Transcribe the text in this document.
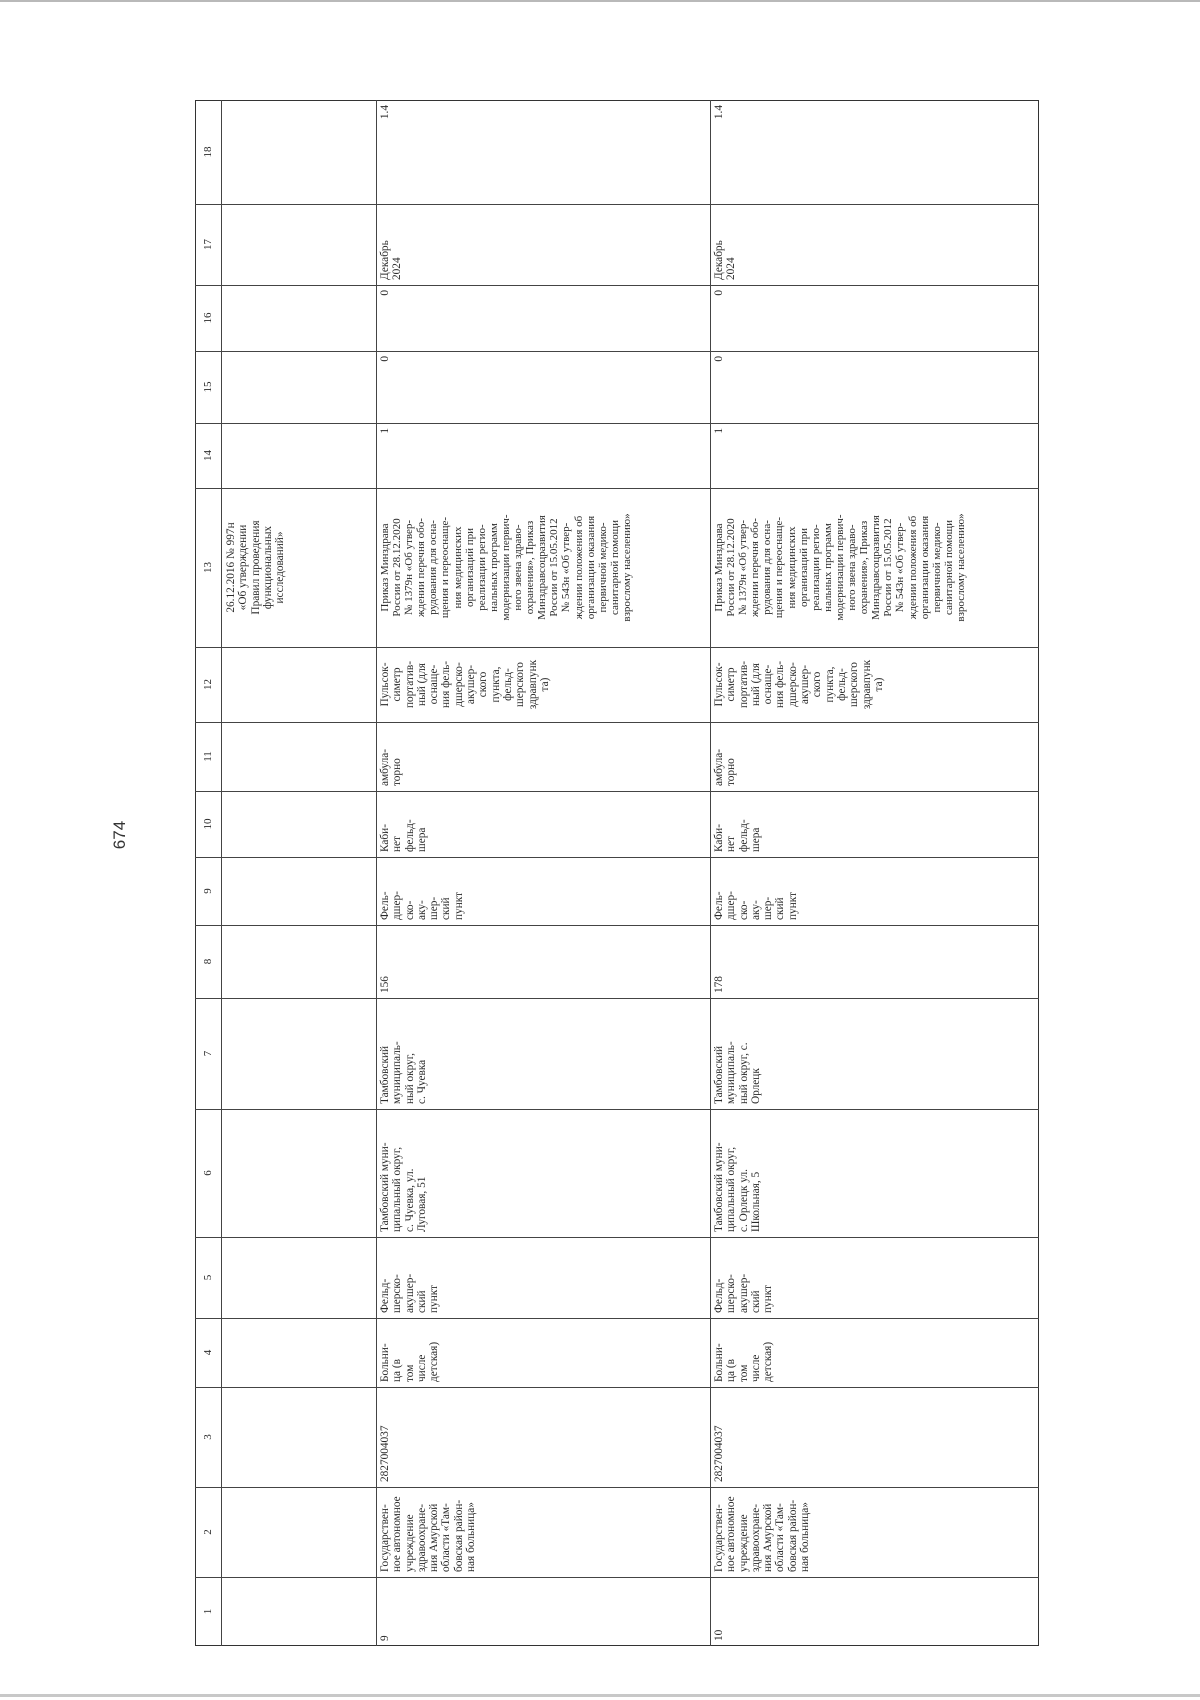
674
1
2
3
4
5
6
7
8
9
10
11
12
13
14
15
16
17
18
26.12.2016 № 997н
«Об утверждении
Правил проведения
функциональных
исследований»
9
Государствен-
ное автономное
учреждение
здравоохране-
ния Амурской
области «Там-
бовская район-
ная больница»
2827004037
Больни-
ца (в
том
числе
детская)
Фельд-
шерско-
акушер-
ский
пункт
Тамбовский муни-
ципальный округ,
с. Чуевка, ул.
Луговая, 51
Тамбовский
муниципаль-
ный округ,
с. Чуевка
156
Фель-
дшер-
ско-
аку-
шер-
ский
пункт
Каби-
нет
фельд-
шера
амбула-
торно
Пульсок-
симетр
портатив-
ный (для
оснаще-
ния фель-
дшерско-
акушер-
ского
пункта,
фельд-
шерского
здравпунк
та)
Приказ Минздрава
России от 28.12.2020
№ 1379н «Об утвер-
ждении перечня обо-
рудования для осна-
щения и переоснаще-
ния медицинских
организаций при
реализации регио-
нальных программ
модернизации первич-
ного звена здраво-
охранения», Приказ
Минздравсоцразвития
России от 15.05.2012
№ 543н «Об утвер-
ждении положения об
организации оказания
первичной медико-
санитарной помощи
взрослому населению»
1
0
0
Декабрь
2024
1.4
10
Государствен-
ное автономное
учреждение
здравоохране-
ния Амурской
области «Там-
бовская район-
ная больница»
2827004037
Больни-
ца (в
том
числе
детская)
Фельд-
шерско-
акушер-
ский
пункт
Тамбовский муни-
ципальный округ,
с. Орлецк ул.
Школьная, 5
Тамбовский
муниципаль-
ный округ, с.
Орлецк
178
Фель-
дшер-
ско-
аку-
шер-
ский
пункт
Каби-
нет
фельд-
шера
амбула-
торно
Пульсок-
симетр
портатив-
ный (для
оснаще-
ния фель-
дшерско-
акушер-
ского
пункта,
фельд-
шерского
здравпунк
та)
Приказ Минздрава
России от 28.12.2020
№ 1379н «Об утвер-
ждении перечня обо-
рудования для осна-
щения и переоснаще-
ния медицинских
организаций при
реализации регио-
нальных программ
модернизации первич-
ного звена здраво-
охранения», Приказ
Минздравсоцразвития
России от 15.05.2012
№ 543н «Об утвер-
ждении положения об
организации оказания
первичной медико-
санитарной помощи
взрослому населению»
1
0
0
Декабрь
2024
1.4
